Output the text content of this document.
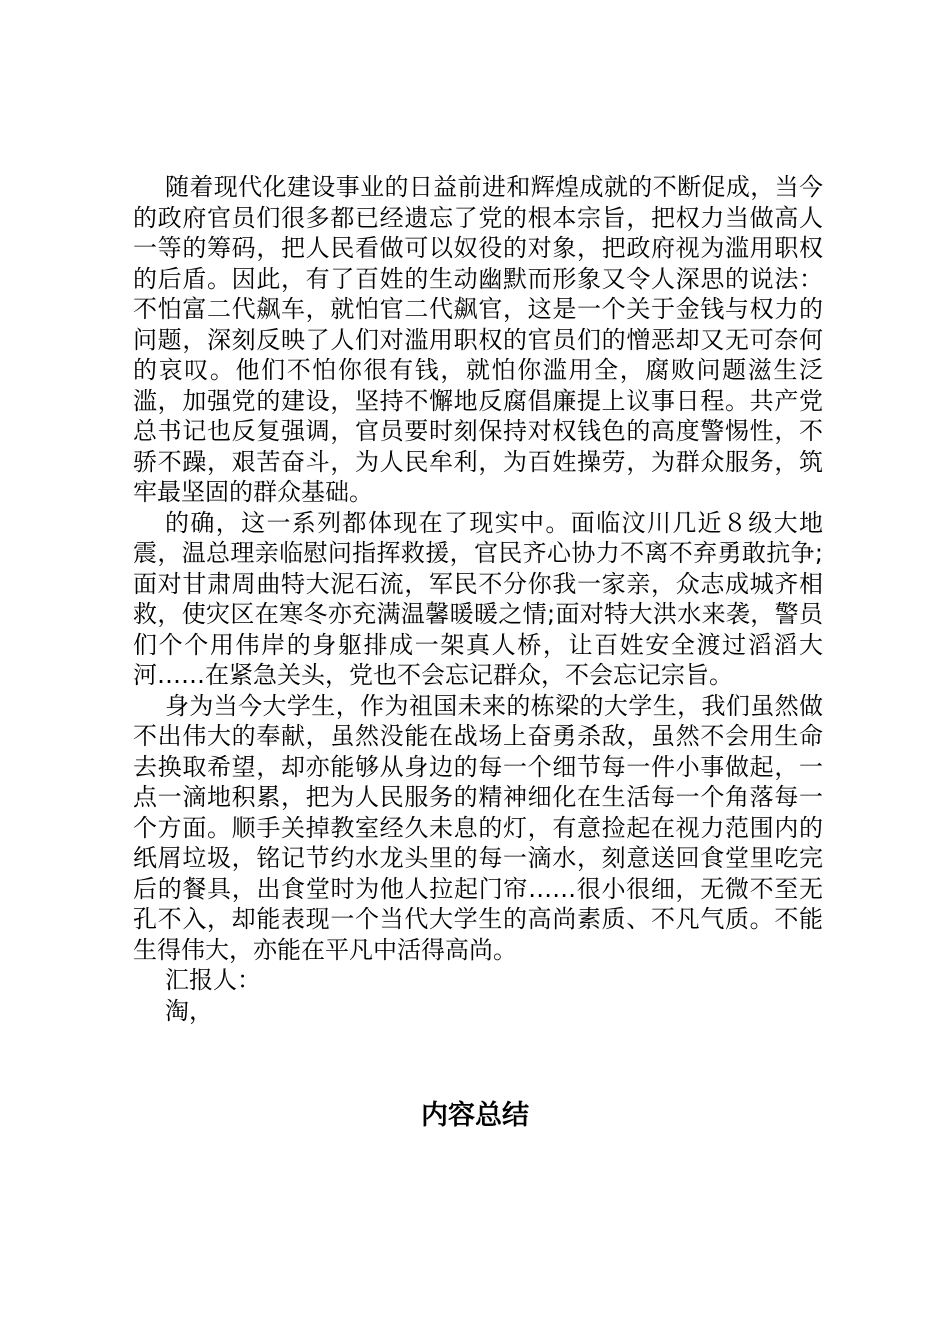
随着现代化建设事业的日益前进和辉煌成就的不断促成，当今的政府官员们很多都已经遗忘了党的根本宗旨，把权力当做高人一等的筹码，把人民看做可以奴役的对象，把政府视为滥用职权的后盾。因此，有了百姓的生动幽默而形象又令人深思的说法：不怕富二代飙车，就怕官二代飙官，这是一个关于金钱与权力的问题，深刻反映了人们对滥用职权的官员们的憎恶却又无可奈何的哀叹。他们不怕你很有钱，就怕你滥用全，腐败问题滋生泛滥，加强党的建设，坚持不懈地反腐倡廉提上议事日程。共产党总书记也反复强调，官员要时刻保持对权钱色的高度警惕性，不骄不躁，艰苦奋斗，为人民牟利，为百姓操劳，为群众服务，筑牢最坚固的群众基础。

的确，这一系列都体现在了现实中。面临汶川几近８级大地震，温总理亲临慰问指挥救援，官民齐心协力不离不弃勇敢抗争;面对甘肃周曲特大泥石流，军民不分你我一家亲，众志成城齐相救，使灾区在寒冬亦充满温馨暖暖之情;面对特大洪水来袭，警员们个个用伟岸的身躯排成一架真人桥，让百姓安全渡过滔滔大河……在紧急关头，党也不会忘记群众，不会忘记宗旨。

身为当今大学生，作为祖国未来的栋梁的大学生，我们虽然做不出伟大的奉献，虽然没能在战场上奋勇杀敌，虽然不会用生命去换取希望，却亦能够从身边的每一个细节每一件小事做起，一点一滴地积累，把为人民服务的精神细化在生活每一个角落每一个方面。顺手关掉教室经久未息的灯，有意捡起在视力范围内的纸屑垃圾，铭记节约水龙头里的每一滴水，刻意送回食堂里吃完后的餐具，出食堂时为他人拉起门帘……很小很细，无微不至无孔不入，却能表现一个当代大学生的高尚素质、不凡气质。不能生得伟大，亦能在平凡中活得高尚。

汇报人：

淘，

内容总结
